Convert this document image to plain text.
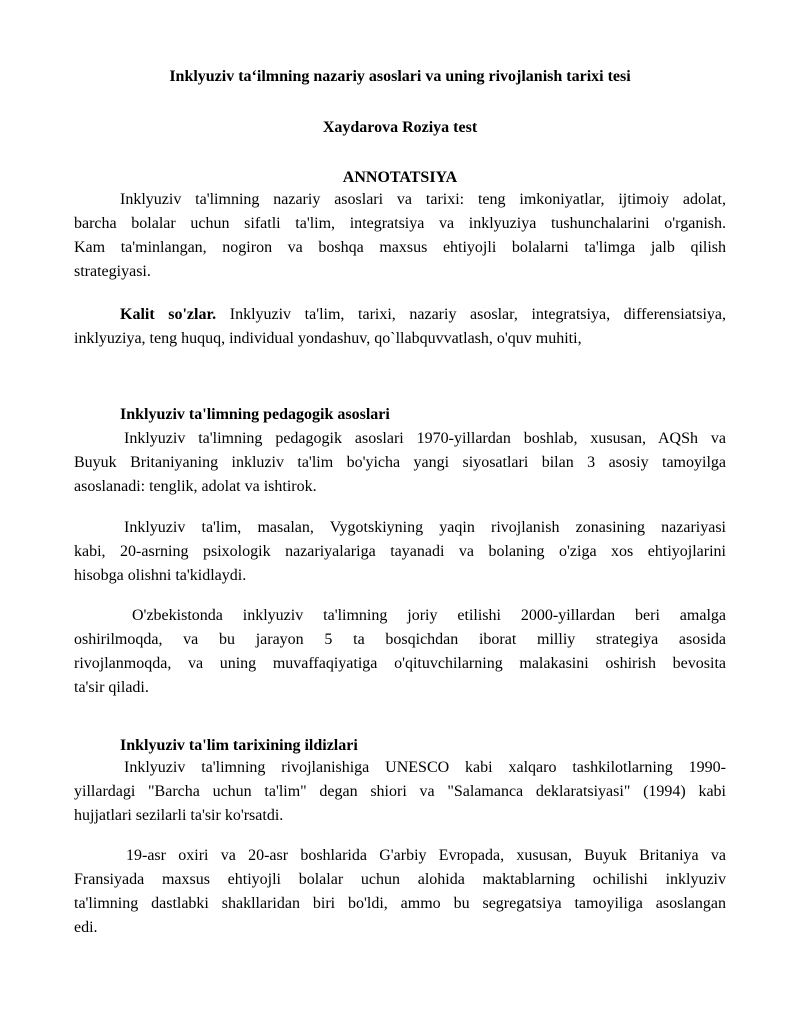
Inklyuziv ta‘ilmning nazariy asoslari va uning rivojlanish tarixi tesi
Xaydarova Roziya test
ANNOTATSIYA
Inklyuziv ta'limning nazariy asoslari va tarixi: teng imkoniyatlar, ijtimoiy adolat,
barcha bolalar uchun sifatli ta'lim, integratsiya va inklyuziya tushunchalarini o'rganish.
Kam ta'minlangan, nogiron va boshqa maxsus ehtiyojli bolalarni ta'limga jalb qilish
strategiyasi.
Kalit so'zlar. Inklyuziv ta'lim, tarixi, nazariy asoslar, integratsiya, differensiatsiya,
inklyuziya, teng huquq, individual yondashuv, qo`llabquvvatlash, o'quv muhiti,
Inklyuziv ta'limning pedagogik asoslari
Inklyuziv ta'limning pedagogik asoslari 1970-yillardan boshlab, xususan, AQSh va
Buyuk Britaniyaning inkluziv ta'lim bo'yicha yangi siyosatlari bilan 3 asosiy tamoyilga
asoslanadi: tenglik, adolat va ishtirok.
Inklyuziv ta'lim, masalan, Vygotskiyning yaqin rivojlanish zonasining nazariyasi
kabi, 20-asrning psixologik nazariyalariga tayanadi va bolaning o'ziga xos ehtiyojlarini
hisobga olishni ta'kidlaydi.
O'zbekistonda inklyuziv ta'limning joriy etilishi 2000-yillardan beri amalga
oshirilmoqda, va bu jarayon 5 ta bosqichdan iborat milliy strategiya asosida
rivojlanmoqda, va uning muvaffaqiyatiga o'qituvchilarning malakasini oshirish bevosita
ta'sir qiladi.
Inklyuziv ta'lim tarixining ildizlari
Inklyuziv ta'limning rivojlanishiga UNESCO kabi xalqaro tashkilotlarning 1990-
yillardagi "Barcha uchun ta'lim" degan shiori va "Salamanca deklaratsiyasi" (1994) kabi
hujjatlari sezilarli ta'sir ko'rsatdi.
19-asr oxiri va 20-asr boshlarida G'arbiy Evropada, xususan, Buyuk Britaniya va
Fransiyada maxsus ehtiyojli bolalar uchun alohida maktablarning ochilishi inklyuziv
ta'limning dastlabki shakllaridan biri bo'ldi, ammo bu segregatsiya tamoyiliga asoslangan
edi.
